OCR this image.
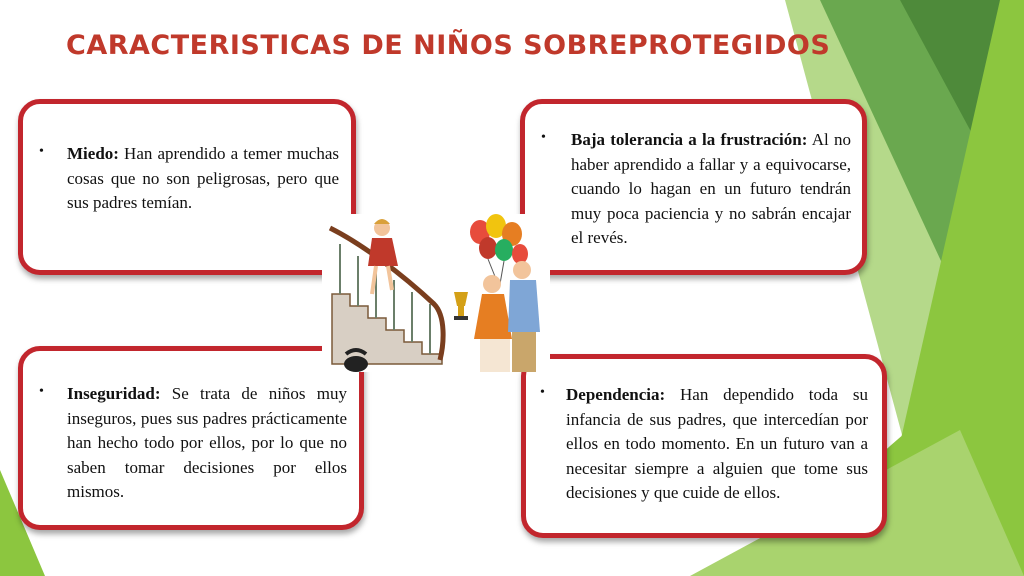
CARACTERISTICAS DE NIÑOS SOBREPROTEGIDOS
• Miedo: Han aprendido a temer muchas cosas que no son peligrosas, pero que sus padres temían.

• Baja tolerancia a la frustración: Al no haber aprendido a fallar y a equivocarse, cuando lo hagan en un futuro tendrán muy poca paciencia y no sabrán encajar el revés.

• Inseguridad: Se trata de niños muy inseguros, pues sus padres prácticamente han hecho todo por ellos, por lo que no saben tomar decisiones por ellos mismos.

• Dependencia: Han dependido toda su infancia de sus padres, que intercedían por ellos en todo momento. En un futuro van a necesitar siempre a alguien que tome sus decisiones y que cuide de ellos.
